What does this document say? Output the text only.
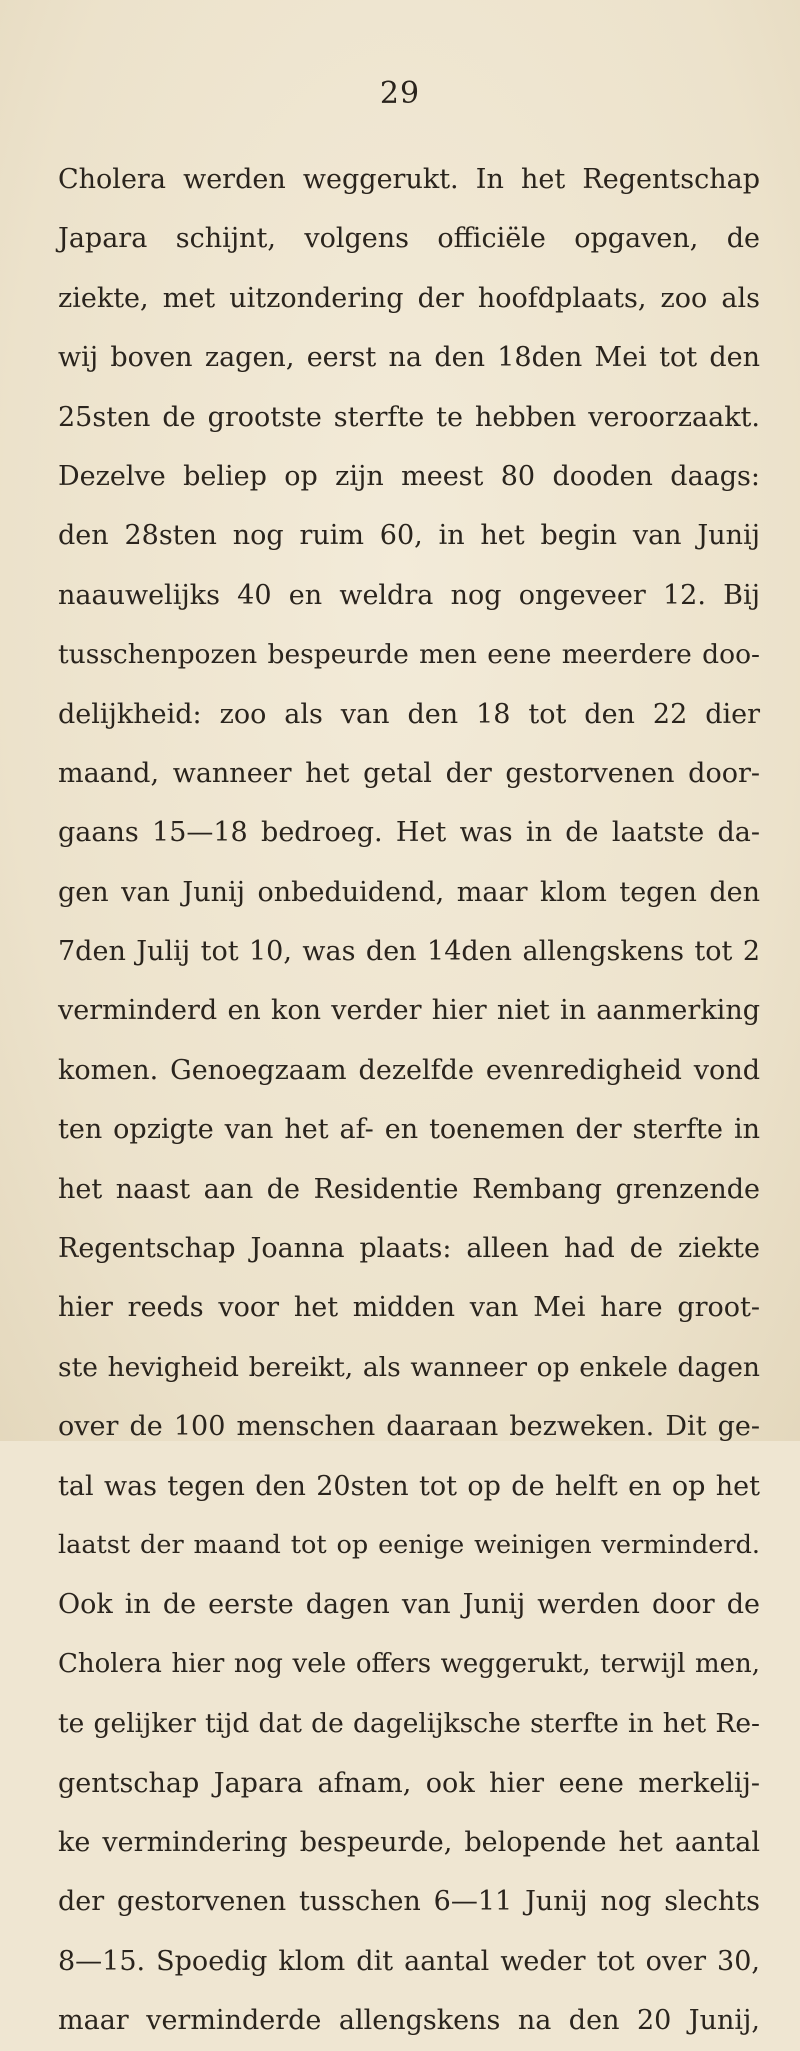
29
Cholera werden weggerukt. In het Regentschap
Japara schijnt, volgens officiële opgaven, de
ziekte, met uitzondering der hoofdplaats, zoo als
wij boven zagen, eerst na den 18den Mei tot den
25sten de grootste sterfte te hebben veroorzaakt.
Dezelve beliep op zijn meest 80 dooden daags:
den 28sten nog ruim 60, in het begin van Junij
naauwelijks 40 en weldra nog ongeveer 12. Bij
tusschenpozen bespeurde men eene meerdere doo-
delijkheid: zoo als van den 18 tot den 22 dier
maand, wanneer het getal der gestorvenen door-
gaans 15—18 bedroeg. Het was in de laatste da-
gen van Junij onbeduidend, maar klom tegen den
7den Julij tot 10, was den 14den allengskens tot 2
verminderd en kon verder hier niet in aanmerking
komen. Genoegzaam dezelfde evenredigheid vond
ten opzigte van het af- en toenemen der sterfte in
het naast aan de Residentie Rembang grenzende
Regentschap Joanna plaats: alleen had de ziekte
hier reeds voor het midden van Mei hare groot-
ste hevigheid bereikt, als wanneer op enkele dagen
over de 100 menschen daaraan bezweken. Dit ge-
tal was tegen den 20sten tot op de helft en op het
laatst der maand tot op eenige weinigen verminderd.
Ook in de eerste dagen van Junij werden door de
Cholera hier nog vele offers weggerukt, terwijl men,
te gelijker tijd dat de dagelijksche sterfte in het Re-
gentschap Japara afnam, ook hier eene merkelij-
ke vermindering bespeurde, belopende het aantal
der gestorvenen tusschen 6—11 Junij nog slechts
8—15. Spoedig klom dit aantal weder tot over 30,
maar verminderde allengskens na den 20 Junij,
